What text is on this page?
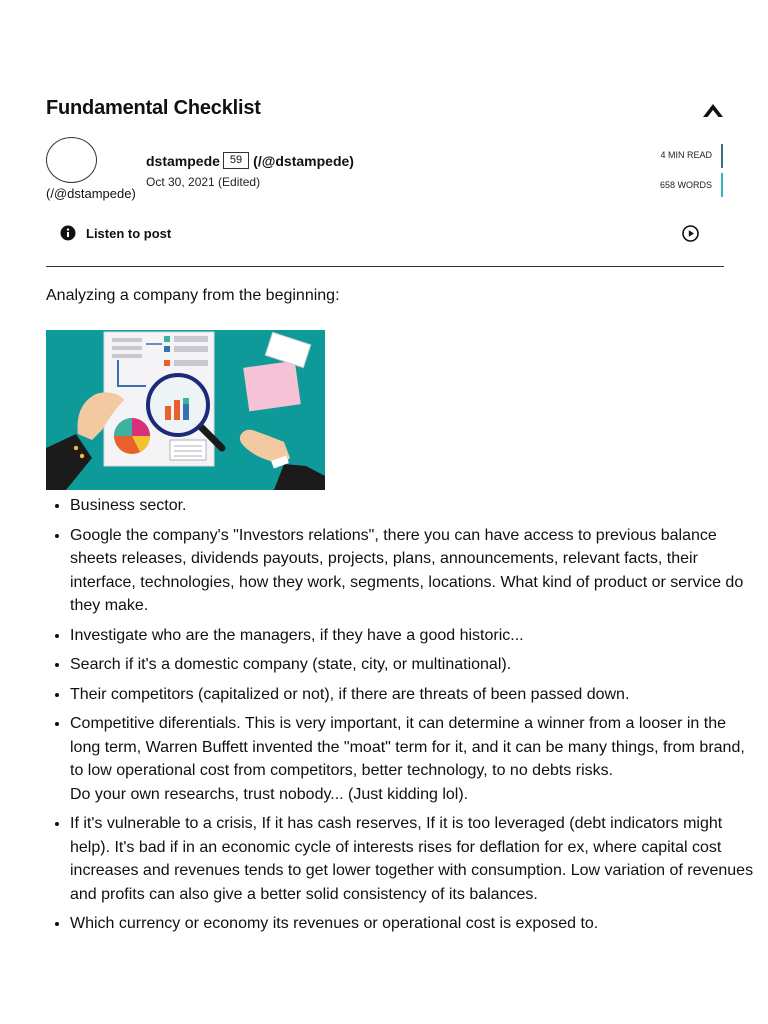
Fundamental Checklist
(/@dstampede)
dstampede 59 (/@dstampede)
Oct 30, 2021 (Edited)
4 MIN READ
658 WORDS
Listen to post

Analyzing a company from the beginning:

• Business sector.

• Google the company's "Investors relations", there you can have access to previous balance sheets releases, dividends payouts, projects, plans, announcements, relevant facts, their interface, technologies, how they work, segments, locations. What kind of product or service do they make.

• Investigate who are the managers, if they have a good historic...

• Search if it's a domestic company (state, city, or multinational).

• Their competitors (capitalized or not), if there are threats of been passed down.

• Competitive diferentials. This is very important, it can determine a winner from a looser in the long term, Warren Buffett invented the "moat" term for it, and it can be many things, from brand, to low operational cost from competitors, better technology, to no debts risks.

Do your own researchs, trust nobody... (Just kidding lol).

• If it's vulnerable to a crisis, If it has cash reserves, If it is too leveraged (debt indicators might help). It's bad if in an economic cycle of interests rises for deflation for ex, where capital cost increases and revenues tends to get lower together with consumption. Low variation of revenues and profits can also give a better solid consistency of its balances.

• Which currency or economy its revenues or operational cost is exposed to.
